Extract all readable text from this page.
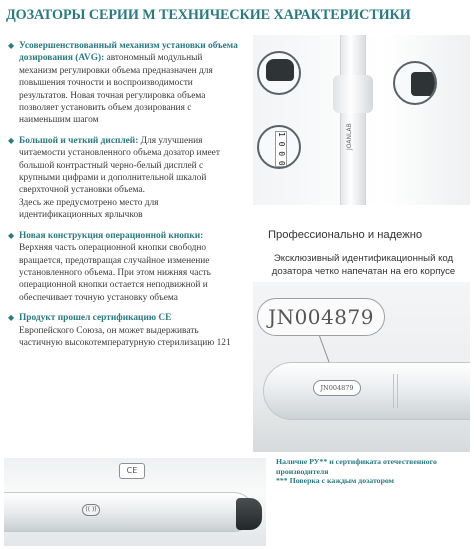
ДОЗАТОРЫ СЕРИИ M ТЕХНИЧЕСКИЕ ХАРАКТЕРИСТИКИ
◆ Усовершенствованный механизм установки объема дозирования (AVG): автономный модульный механизм регулировки объема предназначен для повышения точности и воспроизводимости результатов. Новая точная регулировка объема позволяет установить объем дозирования с наименьшим шагом

◆ Большой и четкий дисплей: Для улучшения читаемости установленного объема дозатор имеет большой контрастный черно-белый дисплей с крупными цифрами и дополнительной шкалой сверхточной установки объема.

Здесь же предусмотрено место для идентификационных ярлычков

◆ Новая конструкция операционной кнопки:

Верхняя часть операционной кнопки свободно вращается, предотвращая случайное изменение установленного объема. При этом нижняя часть операционной кнопки остается неподвижной и обеспечивает точную установку объема

◆ Продукт прошел сертификацию CE

Европейского Союза, он может выдерживать частичную высокотемпературную стерилизацию 121

JOANLAB
1 0 0 0
Профессионально и надежно
Эксклюзивный идентификационный код дозатора четко напечатан на его корпусе
JN004879
JN004879
CE
(( ))

Наличие РУ** и сертификата отечественного производителя

*** Поверка с каждым дозатором
